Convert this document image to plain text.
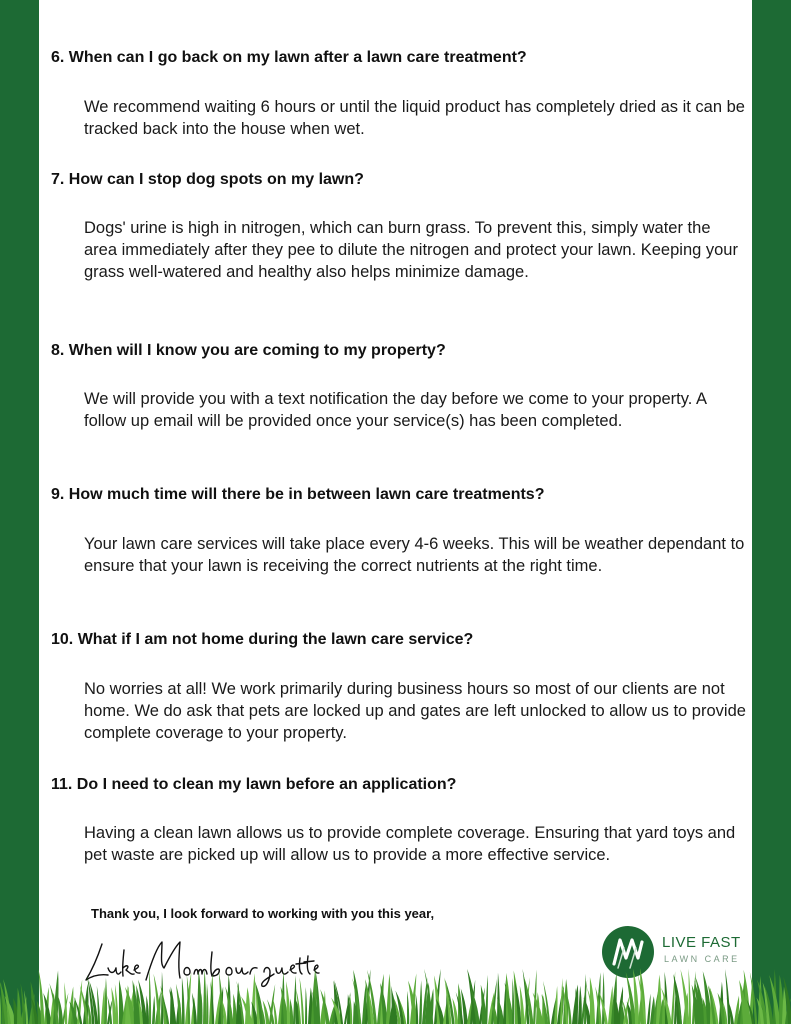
6. When can I go back on my lawn after a lawn care treatment?

We recommend waiting 6 hours or until the liquid product has completely dried as it can be tracked back into the house when wet.

7. How can I stop dog spots on my lawn?

Dogs' urine is high in nitrogen, which can burn grass. To prevent this, simply water the area immediately after they pee to dilute the nitrogen and protect your lawn. Keeping your grass well-watered and healthy also helps minimize damage.

8. When will I know you are coming to my property?

We will provide you with a text notification the day before we come to your property. A follow up email will be provided once your service(s) has been completed.

9. How much time will there be in between lawn care treatments?

Your lawn care services will take place every 4-6 weeks. This will be weather dependant to ensure that your lawn is receiving the correct nutrients at the right time.

10. What if I am not home during the lawn care service?

No worries at all! We work primarily during business hours so most of our clients are not home. We do ask that pets are locked up and gates are left unlocked to allow us to provide complete coverage to your property.

11. Do I need to clean my lawn before an application?

Having a clean lawn allows us to provide complete coverage. Ensuring that yard toys and pet waste are picked up will allow us to provide a more effective service.

Thank you, I look forward to working with you this year,

LIVE FAST
LAWN CARE
